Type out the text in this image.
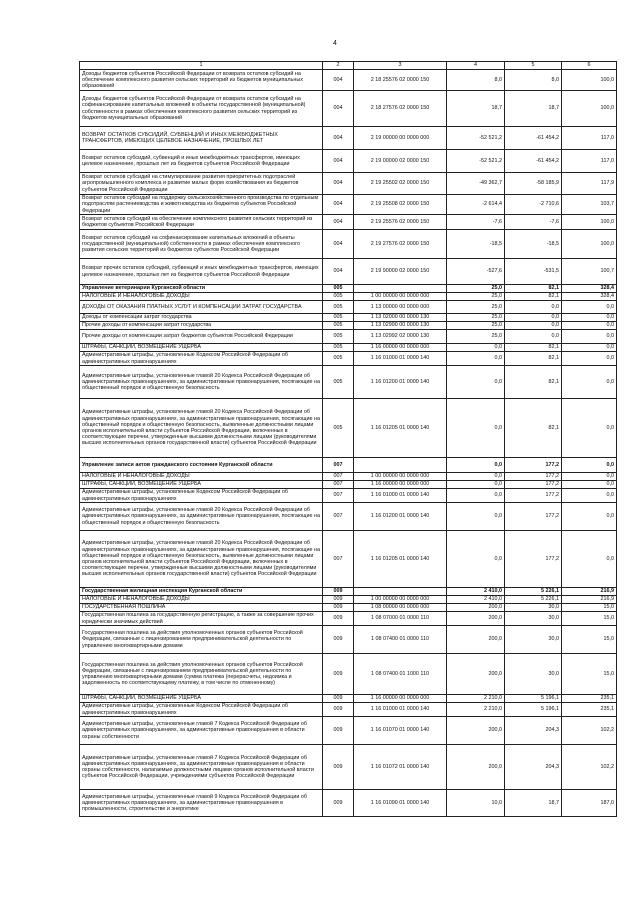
4
1	2	3	4	5	6
Доходы бюджетов субъектов Российской Федерации от возврата остатков субсидий на обеспечение комплексного развития сельских территорий из бюджетов муниципальных образований	004	2 18 25576 02 0000 150	8,0	8,0	100,0
Доходы бюджетов субъектов Российской Федерации от возврата остатков субсидий на софинансирование капитальных вложений в объекты государственной (муниципальной) собственности в рамках обеспечения комплексного развития сельских территорий из бюджетов муниципальных образований	004	2 18 27576 02 0000 150	18,7	18,7	100,0
ВОЗВРАТ ОСТАТКОВ СУБСИДИЙ, СУБВЕНЦИЙ И ИНЫХ МЕЖБЮДЖЕТНЫХ ТРАНСФЕРТОВ, ИМЕЮЩИХ ЦЕЛЕВОЕ НАЗНАЧЕНИЕ, ПРОШЛЫХ ЛЕТ	004	2 19 00000 00 0000 000	-52 521,2	-61 454,2	117,0
Возврат остатков субсидий, субвенций и иных межбюджетных трансфертов, имеющих целевое назначение, прошлых лет из бюджетов субъектов Российской Федерации	004	2 19 00000 02 0000 150	-52 521,2	-61 454,2	117,0
Возврат остатков субсидий на стимулирование развития приоритетных подотраслей агропромышленного комплекса и развитие малых форм хозяйствования из бюджетов субъектов Российской Федерации	004	2 19 25502 02 0000 150	-49 362,7	-58 185,9	117,9
Возврат остатков субсидий на поддержку сельскохозяйственного производства по отдельным подотраслям растениеводства и животноводства из бюджетов субъектов Российской Федерации	004	2 19 25508 02 0000 150	-2 614,4	-2 710,6	103,7
Возврат остатков субсидий на обеспечение комплексного развития сельских территорий из бюджетов субъектов Российской Федерации	004	2 19 25576 02 0000 150	-7,6	-7,6	100,0
Возврат остатков субсидий на софинансирование капитальных вложений в объекты государственной (муниципальной) собственности в рамках обеспечения комплексного развития сельских территорий из бюджетов субъектов Российской Федерации	004	2 19 27576 02 0000 150	-18,5	-18,5	100,0
Возврат прочих остатков субсидий, субвенций и иных межбюджетных трансфертов, имеющих целевое назначение, прошлых лет из бюджетов субъектов Российской Федерации	004	2 19 90000 02 0000 150	-527,6	-531,5	100,7
Управление ветеринарии Курганской области	005		25,0	82,1	328,4
НАЛОГОВЫЕ И НЕНАЛОГОВЫЕ ДОХОДЫ	005	1 00 00000 00 0000 000	25,0	82,1	328,4
ДОХОДЫ ОТ ОКАЗАНИЯ ПЛАТНЫХ УСЛУГ И КОМПЕНСАЦИИ ЗАТРАТ ГОСУДАРСТВА	005	1 13 00000 00 0000 000	25,0	0,0	0,0
Доходы от компенсации затрат государства	005	1 13 02000 00 0000 130	25,0	0,0	0,0
Прочие доходы от компенсации затрат государства	005	1 13 02990 00 0000 130	25,0	0,0	0,0
Прочие доходы от компенсации затрат бюджетов субъектов Российской Федерации	005	1 13 02992 02 0000 130	25,0	0,0	0,0
ШТРАФЫ, САНКЦИИ, ВОЗМЕЩЕНИЕ УЩЕРБА	005	1 16 00000 00 0000 000	0,0	82,1	0,0
Административные штрафы, установленные Кодексом Российской Федерации об административных правонарушениях	005	1 16 01000 01 0000 140	0,0	82,1	0,0
Административные штрафы, установленные главой 20 Кодекса Российской Федерации об административных правонарушениях, за административные правонарушения, посягающие на общественный порядок и общественную безопасность	005	1 16 01200 01 0000 140	0,0	82,1	0,0
Административные штрафы, установленные главой 20 Кодекса Российской Федерации об административных правонарушениях, за административные правонарушения, посягающие на общественный порядок и общественную безопасность, выявленные должностными лицами органов исполнительной власти субъектов Российской Федерации, включенных в соответствующие перечни, утвержденные высшими должностными лицами (руководителями высших исполнительных органов государственной власти) субъектов Российской Федерации	005	1 16 01205 01 0000 140	0,0	82,1	0,0
Управление записи актов гражданского состояния Курганской области	007		0,0	177,2	0,0
НАЛОГОВЫЕ И НЕНАЛОГОВЫЕ ДОХОДЫ	007	1 00 00000 00 0000 000	0,0	177,2	0,0
ШТРАФЫ, САНКЦИИ, ВОЗМЕЩЕНИЕ УЩЕРБА	007	1 16 00000 00 0000 000	0,0	177,2	0,0
Административные штрафы, установленные Кодексом Российской Федерации об административных правонарушениях	007	1 16 01000 01 0000 140	0,0	177,2	0,0
Административные штрафы, установленные главой 20 Кодекса Российской Федерации об административных правонарушениях, за административные правонарушения, посягающие на общественный порядок и общественную безопасность	007	1 16 01200 01 0000 140	0,0	177,2	0,0
Административные штрафы, установленные главой 20 Кодекса Российской Федерации об административных правонарушениях, за административные правонарушения, посягающие на общественный порядок и общественную безопасность, выявленные должностными лицами органов исполнительной власти субъектов Российской Федерации, включенных в соответствующие перечни, утвержденные высшими должностными лицами (руководителями высших исполнительных органов государственной власти) субъектов Российской Федерации	007	1 16 01205 01 0000 140	0,0	177,2	0,0
Государственная жилищная инспекция Курганской области	009		2 410,0	5 226,1	216,9
НАЛОГОВЫЕ И НЕНАЛОГОВЫЕ ДОХОДЫ	009	1 00 00000 00 0000 000	2 410,0	5 226,1	216,9
ГОСУДАРСТВЕННАЯ ПОШЛИНА	009	1 08 00000 00 0000 000	200,0	30,0	15,0
Государственная пошлина за государственную регистрацию, а также за совершение прочих юридически значимых действий	009	1 08 07000 01 0000 110	200,0	30,0	15,0
Государственная пошлина за действия уполномоченных органов субъектов Российской Федерации, связанные с лицензированием предпринимательской деятельности по управлению многоквартирными домами	009	1 08 07400 01 0000 110	200,0	30,0	15,0
Государственная пошлина за действия уполномоченных органов субъектов Российской Федерации, связанные с лицензированием предпринимательской деятельности по управлению многоквартирными домами (сумма платежа (перерасчеты, недоимка и задолженность по соответствующему платежу, в том числе по отмененному)	009	1 08 07400 01 1000 110	200,0	30,0	15,0
ШТРАФЫ, САНКЦИИ, ВОЗМЕЩЕНИЕ УЩЕРБА	009	1 16 00000 00 0000 000	2 210,0	5 196,1	235,1
Административные штрафы, установленные Кодексом Российской Федерации об административных правонарушениях	009	1 16 01000 01 0000 140	2 210,0	5 196,1	235,1
Административные штрафы, установленные главой 7 Кодекса Российской Федерации об административных правонарушениях, за административные правонарушения в области охраны собственности	009	1 16 01070 01 0000 140	200,0	204,3	102,2
Административные штрафы, установленные главой 7 Кодекса Российской Федерации об административных правонарушениях, за административные правонарушения в области охраны собственности, налагаемые должностными лицами органов исполнительной власти субъектов Российской Федерации, учреждениями субъектов Российской Федерации	009	1 16 01072 01 0000 140	200,0	204,3	102,2
Административные штрафы, установленные главой 9 Кодекса Российской Федерации об административных правонарушениях, за административные правонарушения в промышленности, строительстве и энергетике	009	1 16 01090 01 0000 140	10,0	18,7	187,0
